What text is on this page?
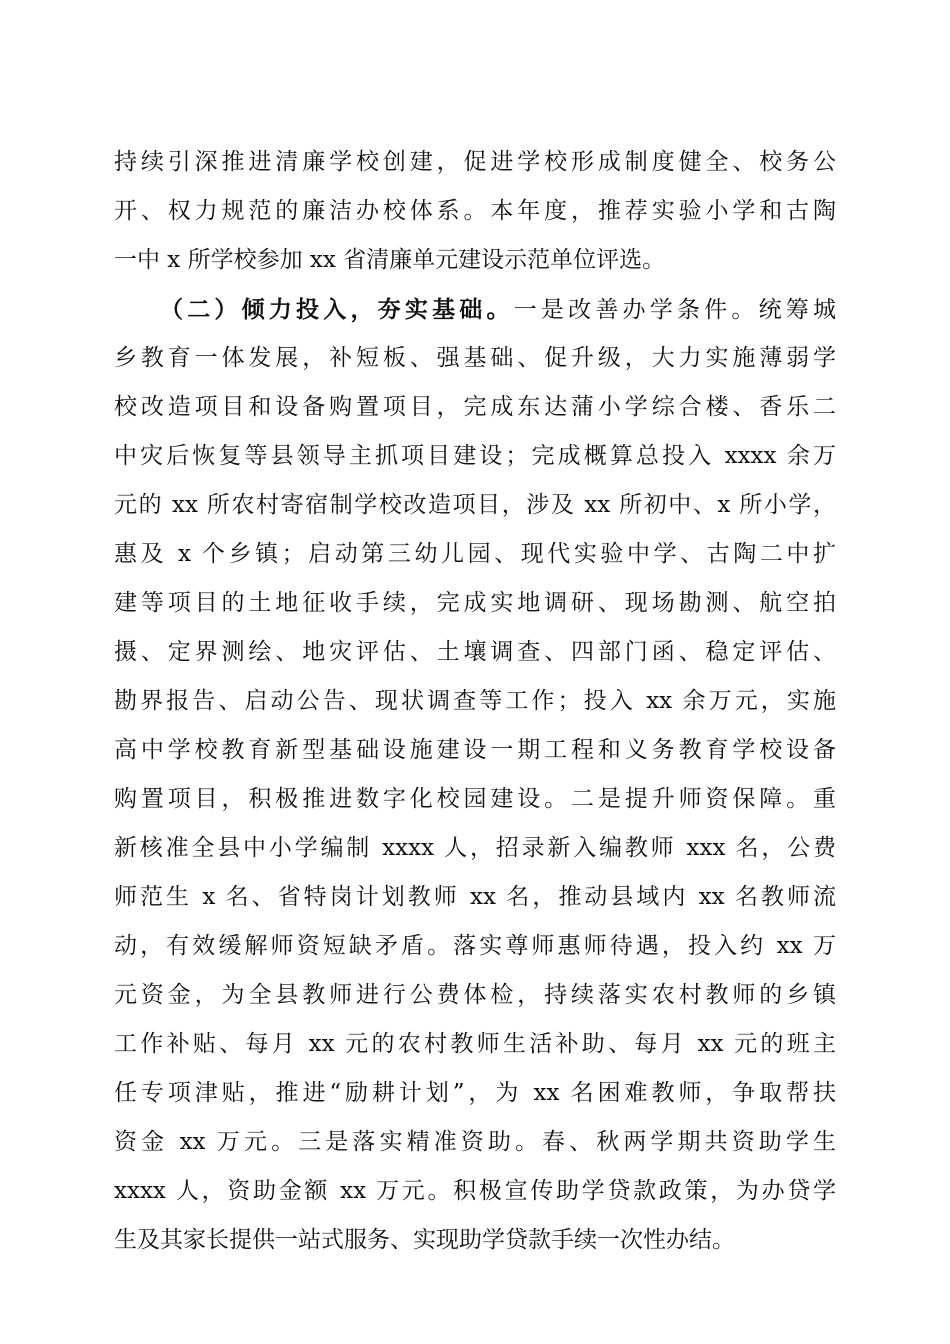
持续引深推进清廉学校创建，促进学校形成制度健全、校务公
开、权力规范的廉洁办校体系。本年度，推荐实验小学和古陶
一中 x 所学校参加 xx 省清廉单元建设示范单位评选。
（二）倾力投入，夯实基础。一是改善办学条件。统筹城
乡教育一体发展，补短板、强基础、促升级，大力实施薄弱学
校改造项目和设备购置项目，完成东达蒲小学综合楼、香乐二
中灾后恢复等县领导主抓项目建设；完成概算总投入 xxxx 余万
元的 xx 所农村寄宿制学校改造项目，涉及 xx 所初中、x 所小学，
惠及 x 个乡镇；启动第三幼儿园、现代实验中学、古陶二中扩
建等项目的土地征收手续，完成实地调研、现场勘测、航空拍
摄、定界测绘、地灾评估、土壤调查、四部门函、稳定评估、
勘界报告、启动公告、现状调查等工作；投入 xx 余万元，实施
高中学校教育新型基础设施建设一期工程和义务教育学校设备
购置项目，积极推进数字化校园建设。二是提升师资保障。重
新核准全县中小学编制 xxxx 人，招录新入编教师 xxx 名，公费
师范生 x 名、省特岗计划教师 xx 名，推动县域内 xx 名教师流
动，有效缓解师资短缺矛盾。落实尊师惠师待遇，投入约 xx 万
元资金，为全县教师进行公费体检，持续落实农村教师的乡镇
工作补贴、每月 xx 元的农村教师生活补助、每月 xx 元的班主
任专项津贴，推进“励耕计划”，为 xx 名困难教师，争取帮扶
资金 xx 万元。三是落实精准资助。春、秋两学期共资助学生
xxxx 人，资助金额 xx 万元。积极宣传助学贷款政策，为办贷学
生及其家长提供一站式服务、实现助学贷款手续一次性办结。
